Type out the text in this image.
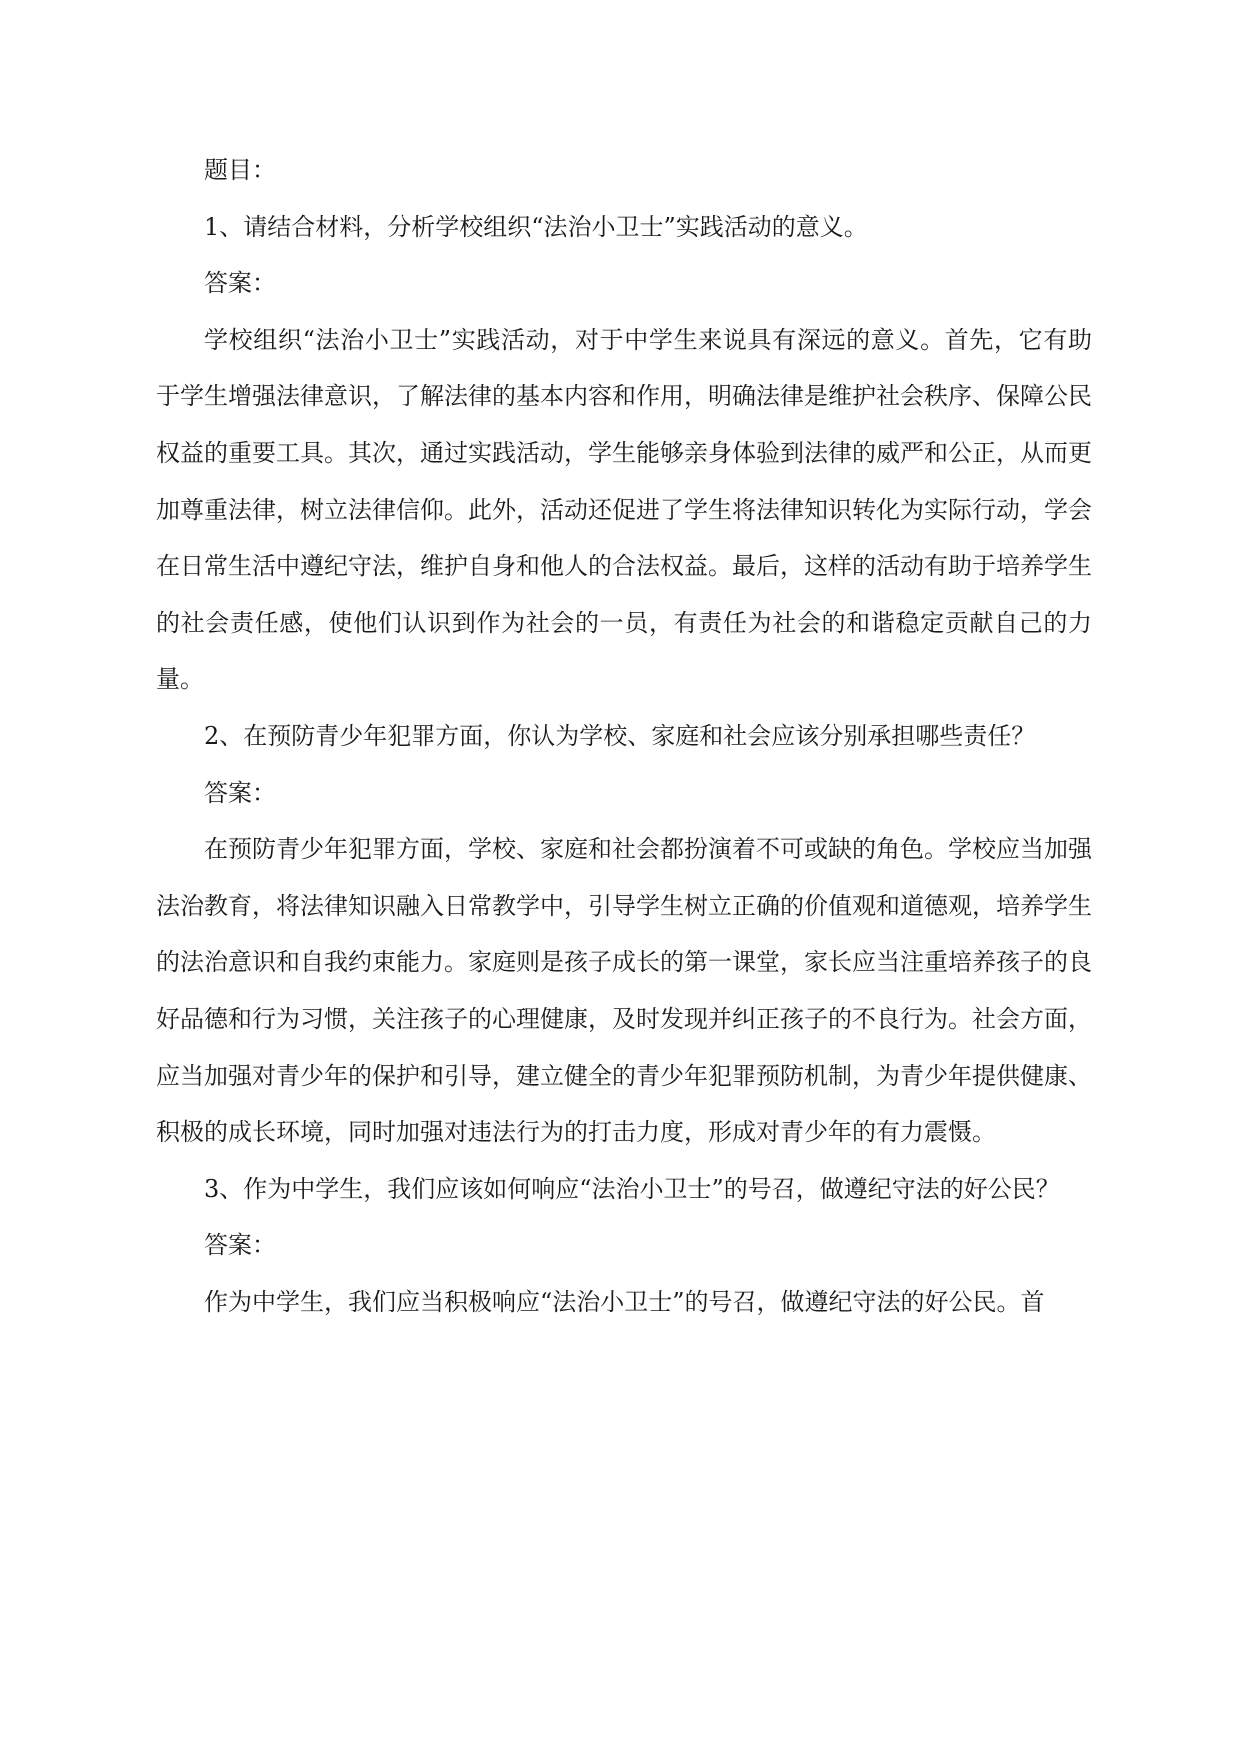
题目：

1、请结合材料，分析学校组织“法治小卫士”实践活动的意义。

答案：

学校组织“法治小卫士”实践活动，对于中学生来说具有深远的意义。首先，它有助于学生增强法律意识，了解法律的基本内容和作用，明确法律是维护社会秩序、保障公民权益的重要工具。其次，通过实践活动，学生能够亲身体验到法律的威严和公正，从而更加尊重法律，树立法律信仰。此外，活动还促进了学生将法律知识转化为实际行动，学会在日常生活中遵纪守法，维护自身和他人的合法权益。最后，这样的活动有助于培养学生的社会责任感，使他们认识到作为社会的一员，有责任为社会的和谐稳定贡献自己的力量。

2、在预防青少年犯罪方面，你认为学校、家庭和社会应该分别承担哪些责任？

答案：

在预防青少年犯罪方面，学校、家庭和社会都扮演着不可或缺的角色。学校应当加强法治教育，将法律知识融入日常教学中，引导学生树立正确的价值观和道德观，培养学生的法治意识和自我约束能力。家庭则是孩子成长的第一课堂，家长应当注重培养孩子的良好品德和行为习惯，关注孩子的心理健康，及时发现并纠正孩子的不良行为。社会方面，应当加强对青少年的保护和引导，建立健全的青少年犯罪预防机制，为青少年提供健康、积极的成长环境，同时加强对违法行为的打击力度，形成对青少年的有力震慑。

3、作为中学生，我们应该如何响应“法治小卫士”的号召，做遵纪守法的好公民？

答案：

作为中学生，我们应当积极响应“法治小卫士”的号召，做遵纪守法的好公民。首
